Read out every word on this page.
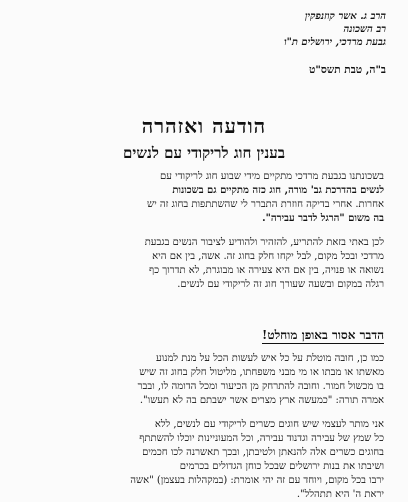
הרב ג. אשר קוזנפקין
רב השכונה
גבעת מרדכי, ירושלים ת"ו
ב"ה, טבת תשס"ט
הודעה ואזהרה
בענין חוג לריקודי עם לנשים
בשכונתנו בגבעת מרדכי מתקיים מידי שבוע חוג לריקודי עם
לנשים בהדרכת גב' מורה, חוג כזה מתקיים גם בשכונות
אחרות. אחרי בדיקה חוזרת התברר לי שהשתתפות בחוג זה יש
בה משום "הרגל לדבר עבירה".
לכן באתי בזאת להתריע, להזהיר ולהודיע לציבור הנשים בגבעת
מרדכי ובכל מקום, לבל יקחו חלק בחוג זה. אשה, בין אם היא
נשואה או פנויה, בין אם היא צעירה או מבוגרת, לא תדרוך כף
רגלה במקום ובשעה שעורך חוג זה לריקודי עם לנשים.
הדבר אסור באופן מוחלט!
כמו כן, חובה מוטלת על כל איש לעשות הכל על מנת למנוע
מאשתו או מבתו או מי מבני משפחתו, מליטול חלק בחוג זה שיש
בו מכשול חמור. וחובה להתרחק מן הכיעור ומכל הדומה לו, ובבר
אמרה תורה: "כמעשה ארץ מצרים אשר ישבתם בה לא תעשו".
אני מותר לעצמי שיש חוגים כשרים לריקודי עם לנשים, ללא
כל שמץ של עבירה וגדנוד עבירה, וכל המעוניינות יוכלו להשתתף
בחוגים כשרים אלה להנאתן ולטיבתן, ובכך תאשרנה לכו חכמים
ושיבתו את בנות ירושלים שבכל כוחן הגדולים בכרמים
ירבו בכל מקום, ויוחד עם זה יהי אומרת: (במקהלות בעצמן) "אשה
יראת ה' היא תתהלל".
